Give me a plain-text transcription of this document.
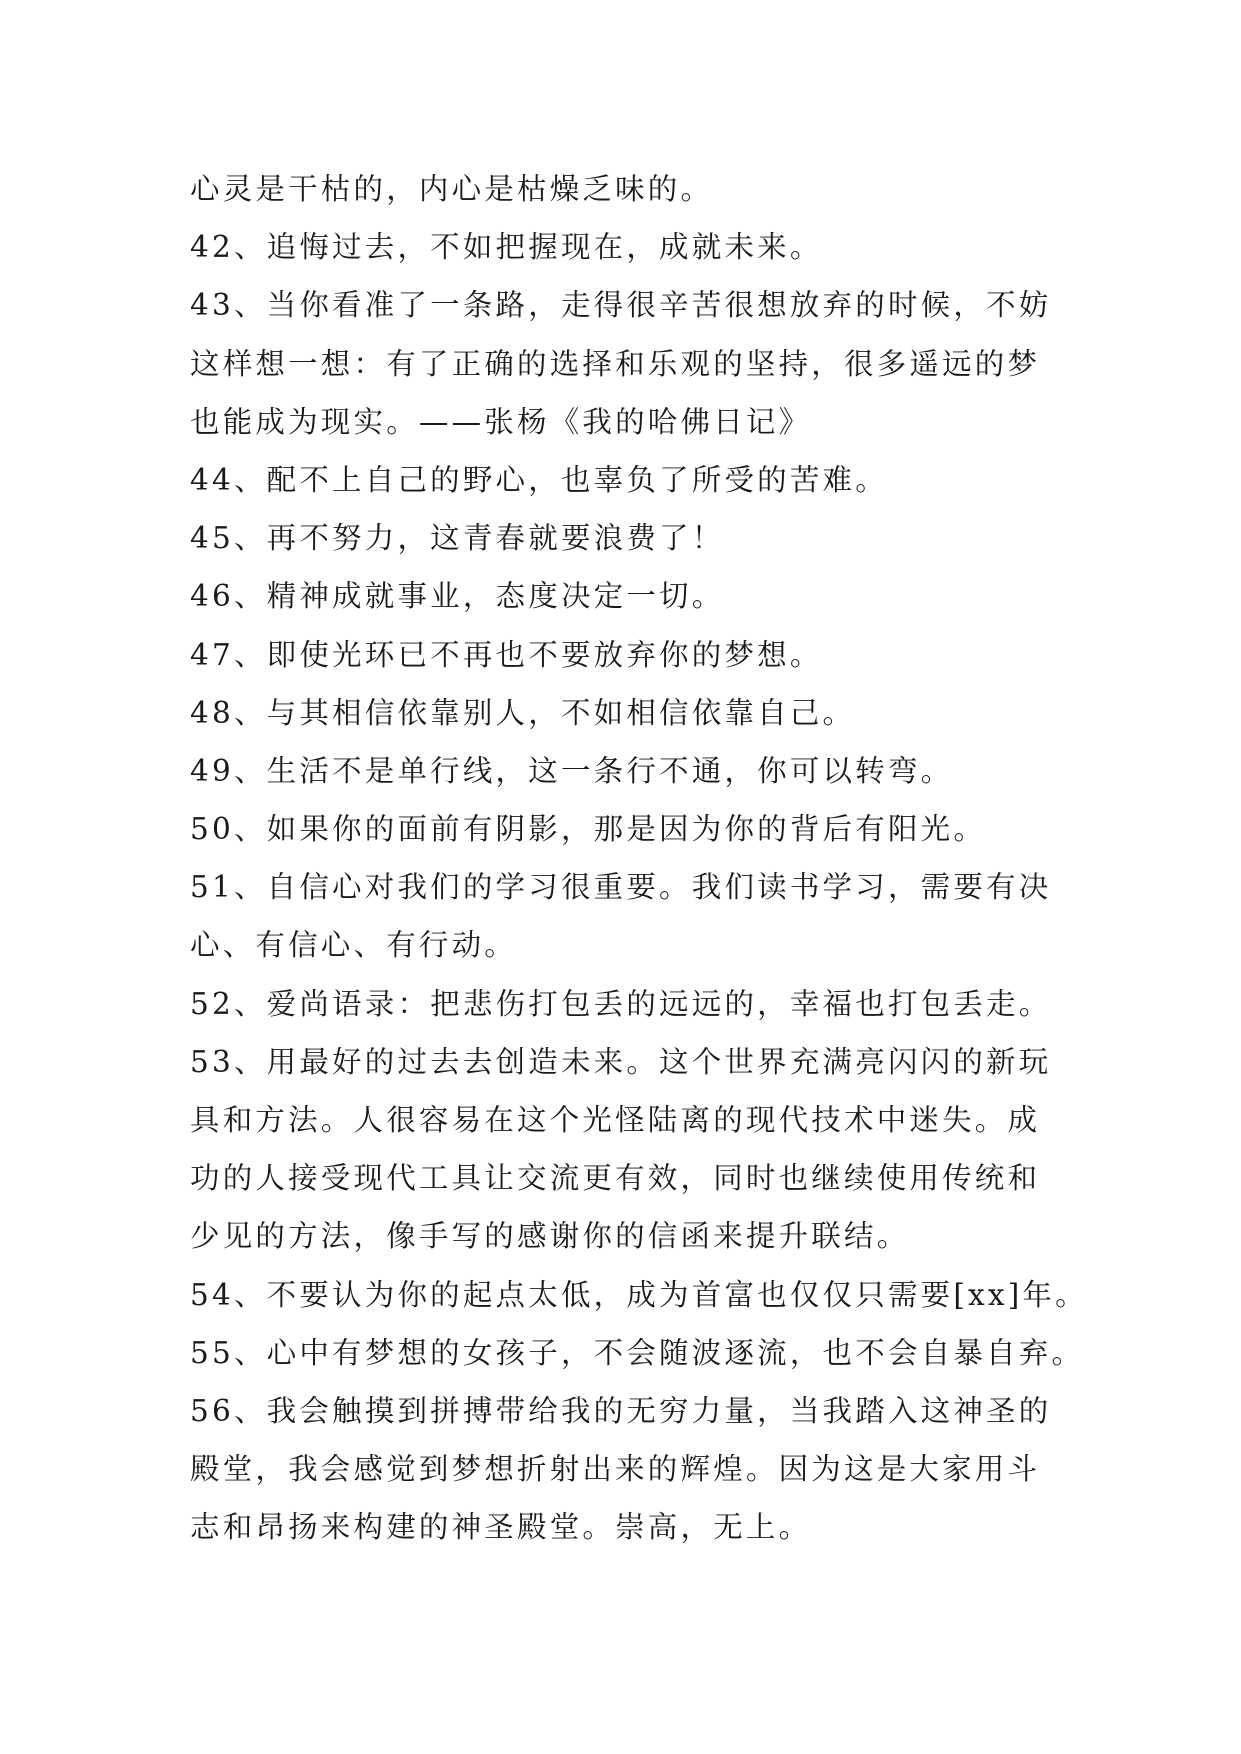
心灵是干枯的，内心是枯燥乏味的。
42、追悔过去，不如把握现在，成就未来。
43、当你看准了一条路，走得很辛苦很想放弃的时候，不妨
这样想一想：有了正确的选择和乐观的坚持，很多遥远的梦
也能成为现实。——张杨《我的哈佛日记》
44、配不上自己的野心，也辜负了所受的苦难。
45、再不努力，这青春就要浪费了！
46、精神成就事业，态度决定一切。
47、即使光环已不再也不要放弃你的梦想。
48、与其相信依靠别人，不如相信依靠自己。
49、生活不是单行线，这一条行不通，你可以转弯。
50、如果你的面前有阴影，那是因为你的背后有阳光。
51、自信心对我们的学习很重要。我们读书学习，需要有决
心、有信心、有行动。
52、爱尚语录：把悲伤打包丢的远远的，幸福也打包丢走。
53、用最好的过去去创造未来。这个世界充满亮闪闪的新玩
具和方法。人很容易在这个光怪陆离的现代技术中迷失。成
功的人接受现代工具让交流更有效，同时也继续使用传统和
少见的方法，像手写的感谢你的信函来提升联结。
54、不要认为你的起点太低，成为首富也仅仅只需要[xx]年。
55、心中有梦想的女孩子，不会随波逐流，也不会自暴自弃。
56、我会触摸到拼搏带给我的无穷力量，当我踏入这神圣的
殿堂，我会感觉到梦想折射出来的辉煌。因为这是大家用斗
志和昂扬来构建的神圣殿堂。崇高，无上。
